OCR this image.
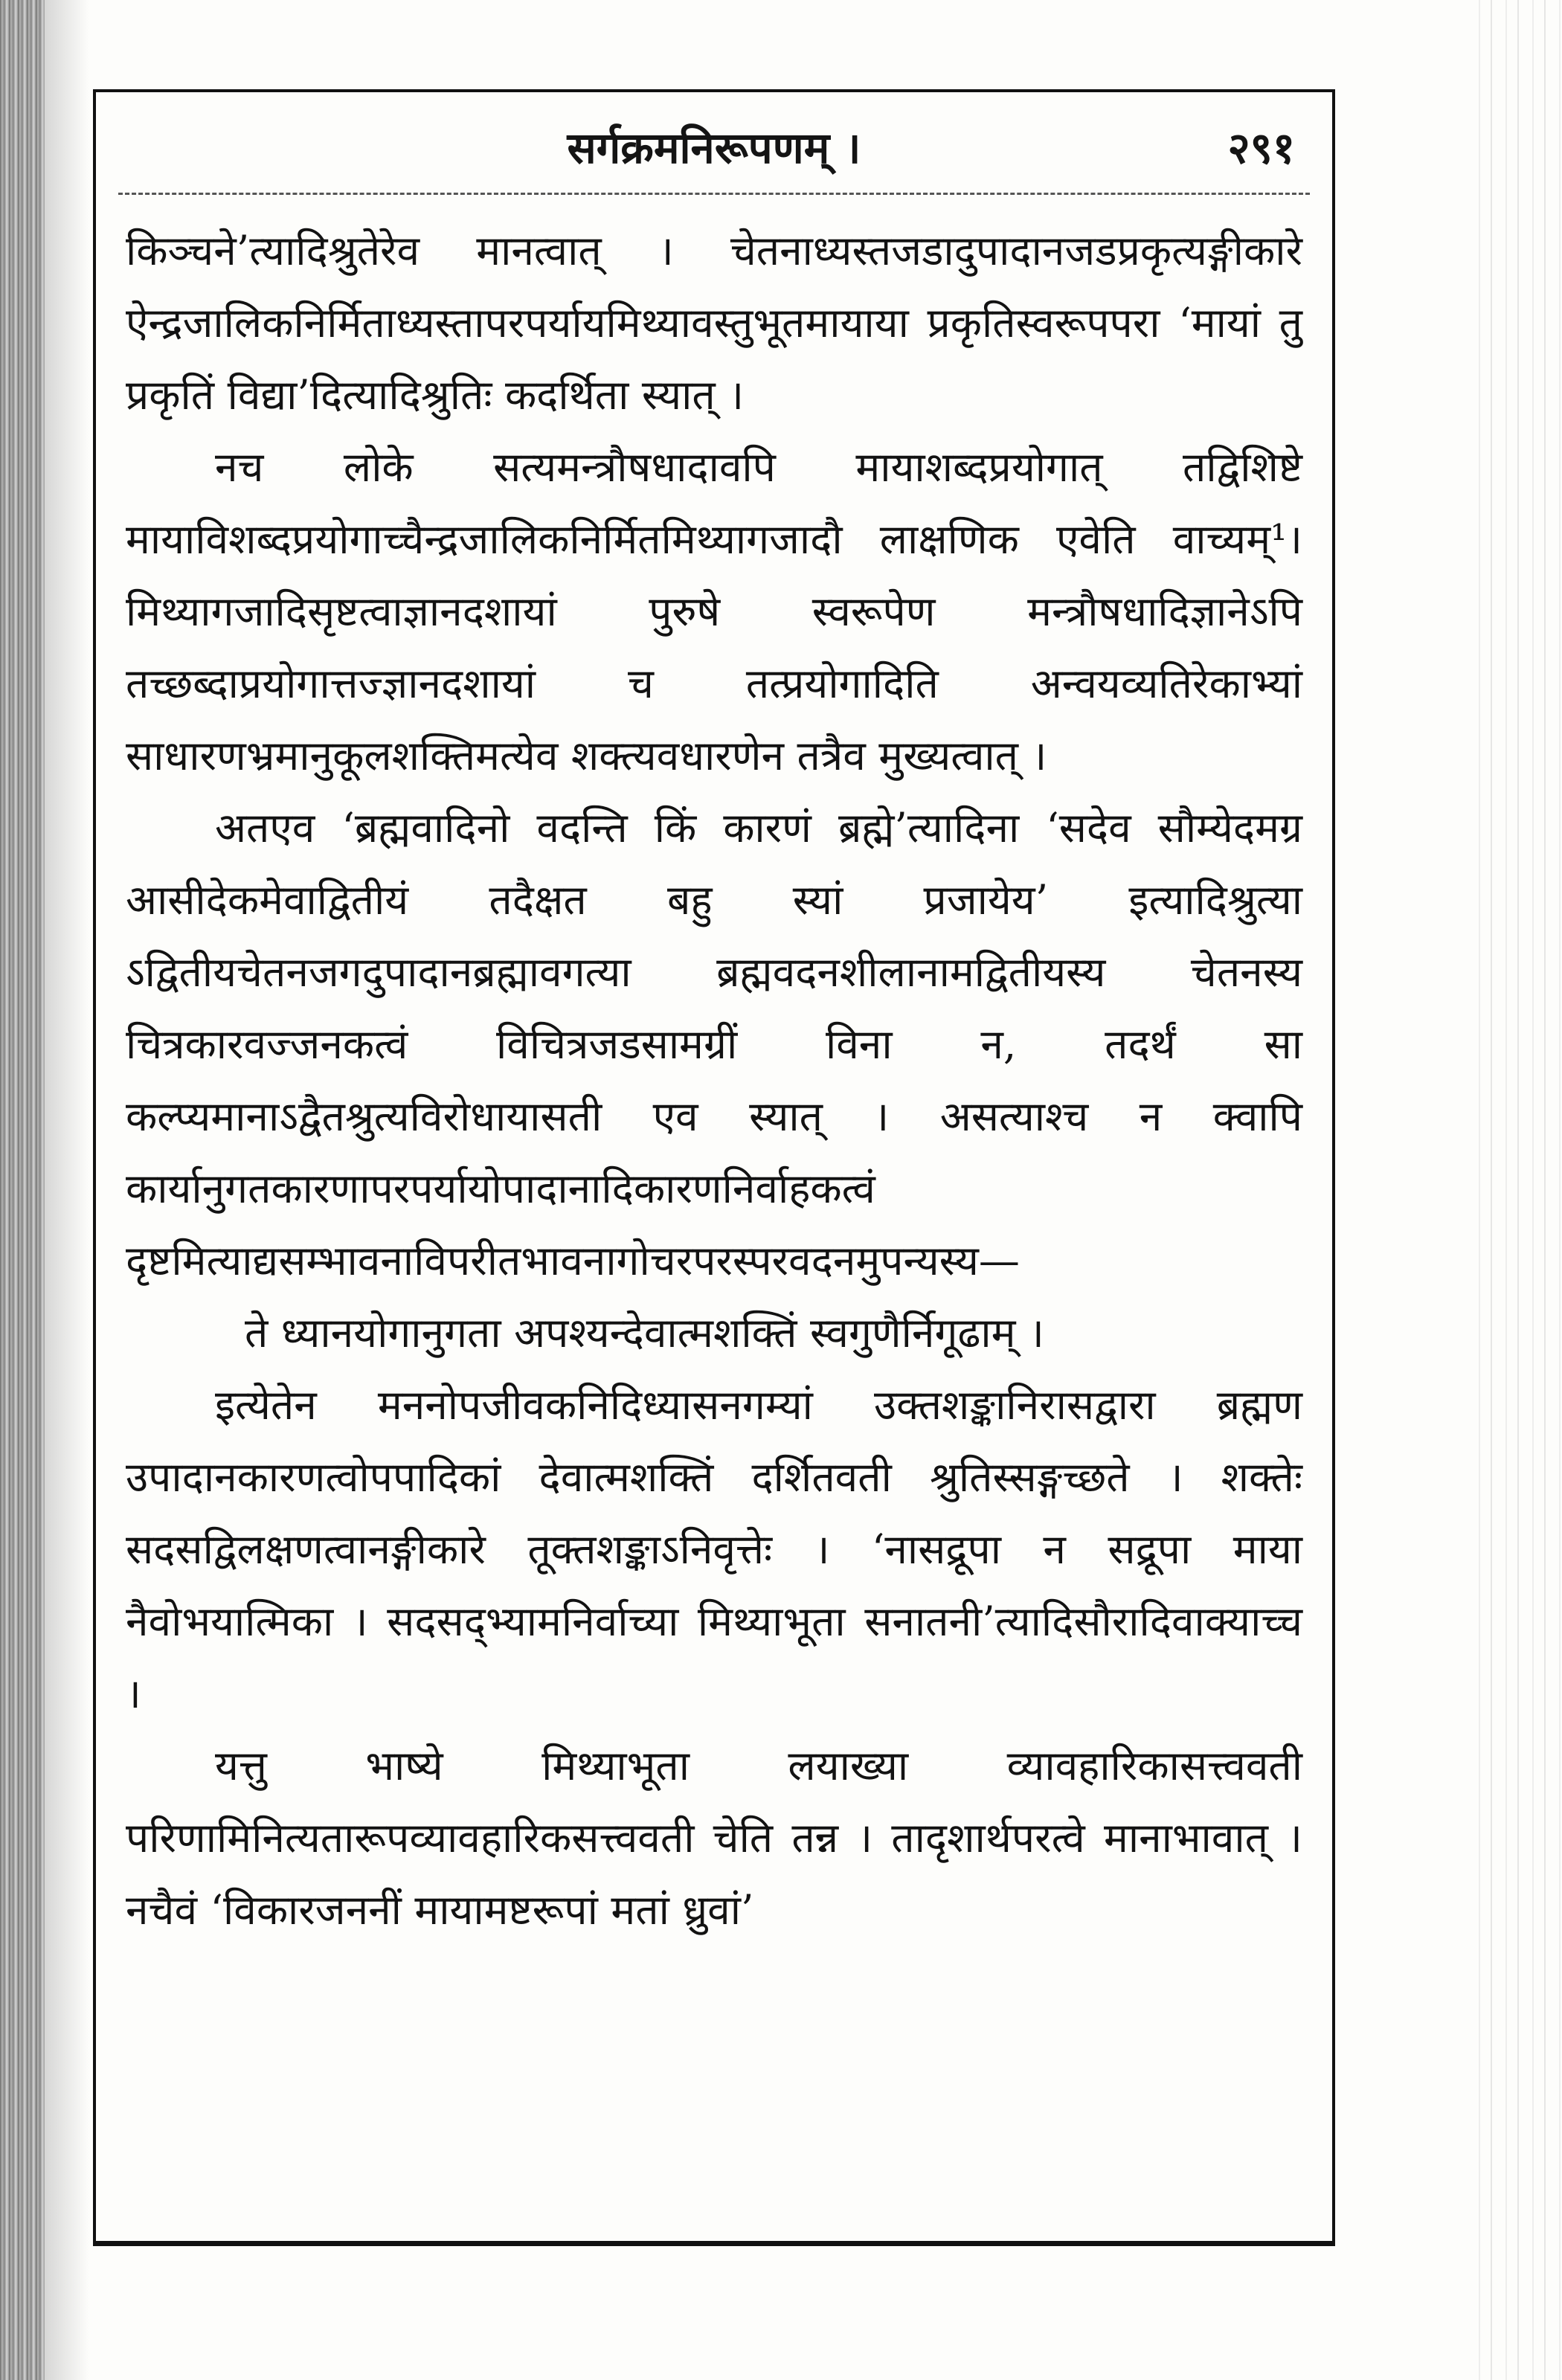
सर्गक्रमनिरूपणम् ।	२९१

किञ्चने’त्यादिश्रुतेरेव मानत्वात् । चेतनाध्यस्तजडादुपादानजडप्रकृत्यङ्गीकारे ऐन्द्रजालिकनिर्मिताध्यस्तापरपर्यायमिथ्यावस्तुभूतमायाया प्रकृतिस्वरूपपरा ‘मायां तु प्रकृतिं विद्या’दित्यादिश्रुतिः कदर्थिता स्यात् ।

नच लोके सत्यमन्त्रौषधादावपि मायाशब्दप्रयोगात् तद्विशिष्टे मायाविशब्दप्रयोगाच्चैन्द्रजालिकनिर्मितमिथ्यागजादौ लाक्षणिक एवेति वाच्यम्¹। मिथ्यागजादिसृष्टत्वाज्ञानदशायां पुरुषे स्वरूपेण मन्त्रौषधादिज्ञानेऽपि तच्छब्दाप्रयोगात्तज्ज्ञानदशायां च तत्प्रयोगादिति अन्वयव्यतिरेकाभ्यां साधारणभ्रमानुकूलशक्तिमत्येव शक्त्यवधारणेन तत्रैव मुख्यत्वात् ।

अतएव ‘ब्रह्मवादिनो वदन्ति किं कारणं ब्रह्मे’त्यादिना ‘सदेव सौम्येदमग्र आसीदेकमेवाद्वितीयं तदैक्षत बहु स्यां प्रजायेय’ इत्यादिश्रुत्या ऽद्वितीयचेतनजगदुपादानब्रह्मावगत्या ब्रह्मवदनशीलानामद्वितीयस्य चेतनस्य चित्रकारवज्जनकत्वं विचित्रजडसामग्रीं विना न, तदर्थं सा कल्प्यमानाऽद्वैतश्रुत्यविरोधायासती एव स्यात् । असत्याश्च न क्वापि कार्यानुगतकारणापरपर्यायोपादानादिकारणनिर्वाहकत्वं दृष्टमित्याद्यसम्भावनाविपरीतभावनागोचरपरस्परवदनमुपन्यस्य—

ते ध्यानयोगानुगता अपश्यन्देवात्मशक्तिं स्वगुणैर्निगूढाम् ।

इत्येतेन मननोपजीवकनिदिध्यासनगम्यां उक्तशङ्कानिरासद्वारा ब्रह्मण उपादानकारणत्वोपपादिकां देवात्मशक्तिं दर्शितवती श्रुतिस्सङ्गच्छते । शक्तेः सदसद्विलक्षणत्वानङ्गीकारे तूक्तशङ्काऽनिवृत्तेः । ‘नासद्रूपा न सद्रूपा माया नैवोभयात्मिका । सदसद्भ्यामनिर्वाच्या मिथ्याभूता सनातनी’त्यादिसौरादिवाक्याच्च ।

यत्तु भाष्ये मिथ्याभूता लयाख्या व्यावहारिकासत्त्ववती परिणामिनित्यतारूपव्यावहारिकसत्त्ववती चेति तन्न । तादृशार्थपरत्वे मानाभावात् । नचैवं ‘विकारजननीं मायामष्टरूपां मतां ध्रुवां’
